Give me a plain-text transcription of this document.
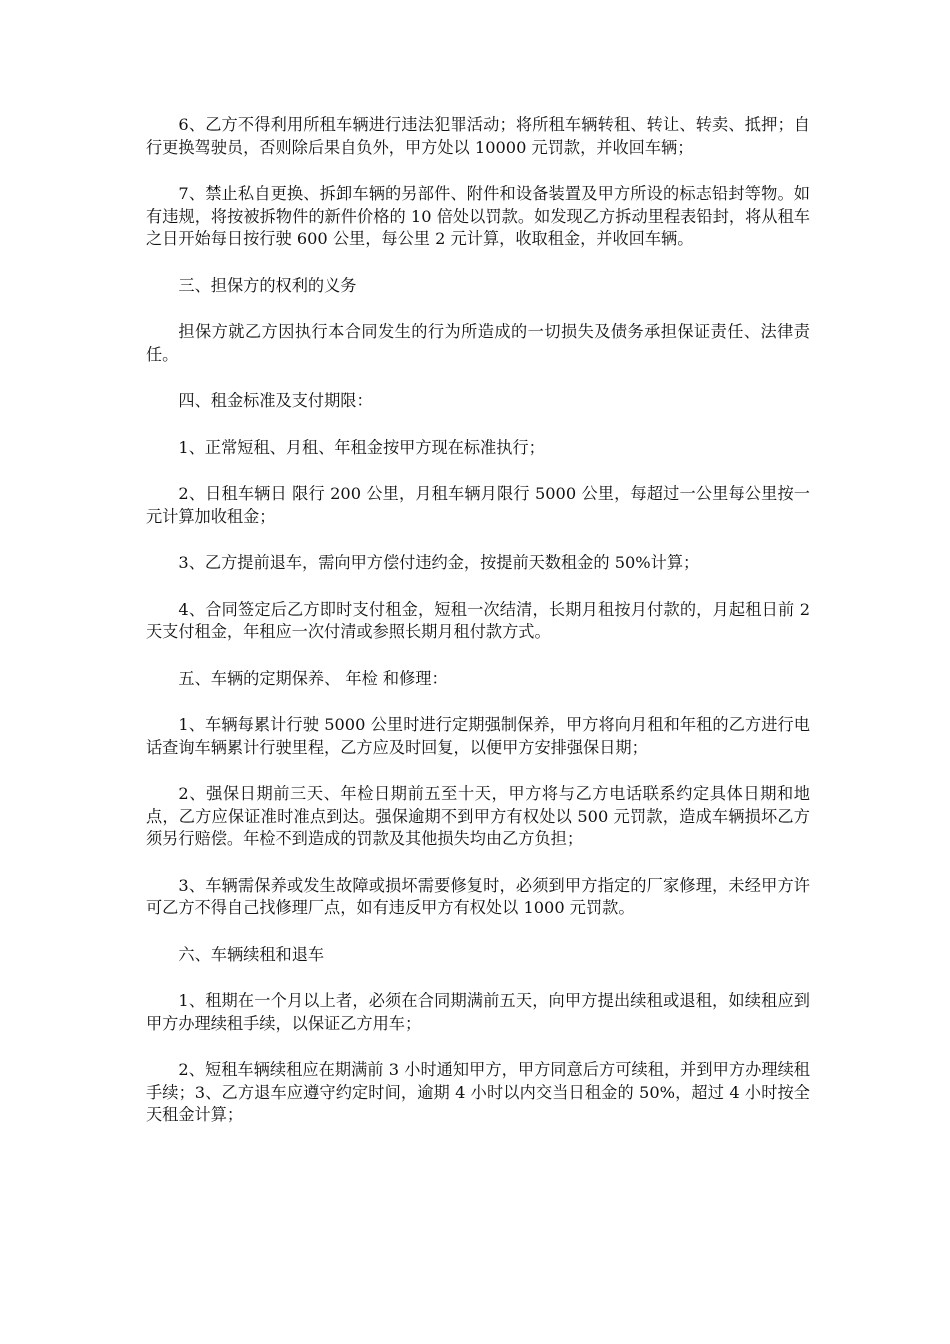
6、乙方不得利用所租车辆进行违法犯罪活动；将所租车辆转租、转让、转卖、抵押；自行更换驾驶员，否则除后果自负外，甲方处以 10000 元罚款，并收回车辆；

7、禁止私自更换、拆卸车辆的另部件、附件和设备装置及甲方所设的标志铅封等物。如有违规，将按被拆物件的新件价格的 10 倍处以罚款。如发现乙方拆动里程表铅封，将从租车之日开始每日按行驶 600 公里，每公里 2 元计算，收取租金，并收回车辆。

三、担保方的权利的义务

担保方就乙方因执行本合同发生的行为所造成的一切损失及债务承担保证责任、法律责任。

四、租金标准及支付期限：

1、正常短租、月租、年租金按甲方现在标准执行；

2、日租车辆日 限行 200 公里，月租车辆月限行 5000 公里，每超过一公里每公里按一元计算加收租金；

3、乙方提前退车，需向甲方偿付违约金，按提前天数租金的 50%计算；

4、合同签定后乙方即时支付租金，短租一次结清，长期月租按月付款的，月起租日前 2 天支付租金，年租应一次付清或参照长期月租付款方式。

五、车辆的定期保养、 年检 和修理：

1、车辆每累计行驶 5000 公里时进行定期强制保养，甲方将向月租和年租的乙方进行电话查询车辆累计行驶里程，乙方应及时回复，以便甲方安排强保日期；

2、强保日期前三天、年检日期前五至十天，甲方将与乙方电话联系约定具体日期和地点，乙方应保证准时准点到达。强保逾期不到甲方有权处以 500 元罚款，造成车辆损坏乙方须另行赔偿。年检不到造成的罚款及其他损失均由乙方负担；

3、车辆需保养或发生故障或损坏需要修复时，必须到甲方指定的厂家修理，未经甲方许可乙方不得自己找修理厂点，如有违反甲方有权处以 1000 元罚款。

六、车辆续租和退车

1、租期在一个月以上者，必须在合同期满前五天，向甲方提出续租或退租，如续租应到甲方办理续租手续，以保证乙方用车；

2、短租车辆续租应在期满前 3 小时通知甲方，甲方同意后方可续租，并到甲方办理续租手续；3、乙方退车应遵守约定时间，逾期 4 小时以内交当日租金的 50%，超过 4 小时按全天租金计算；
